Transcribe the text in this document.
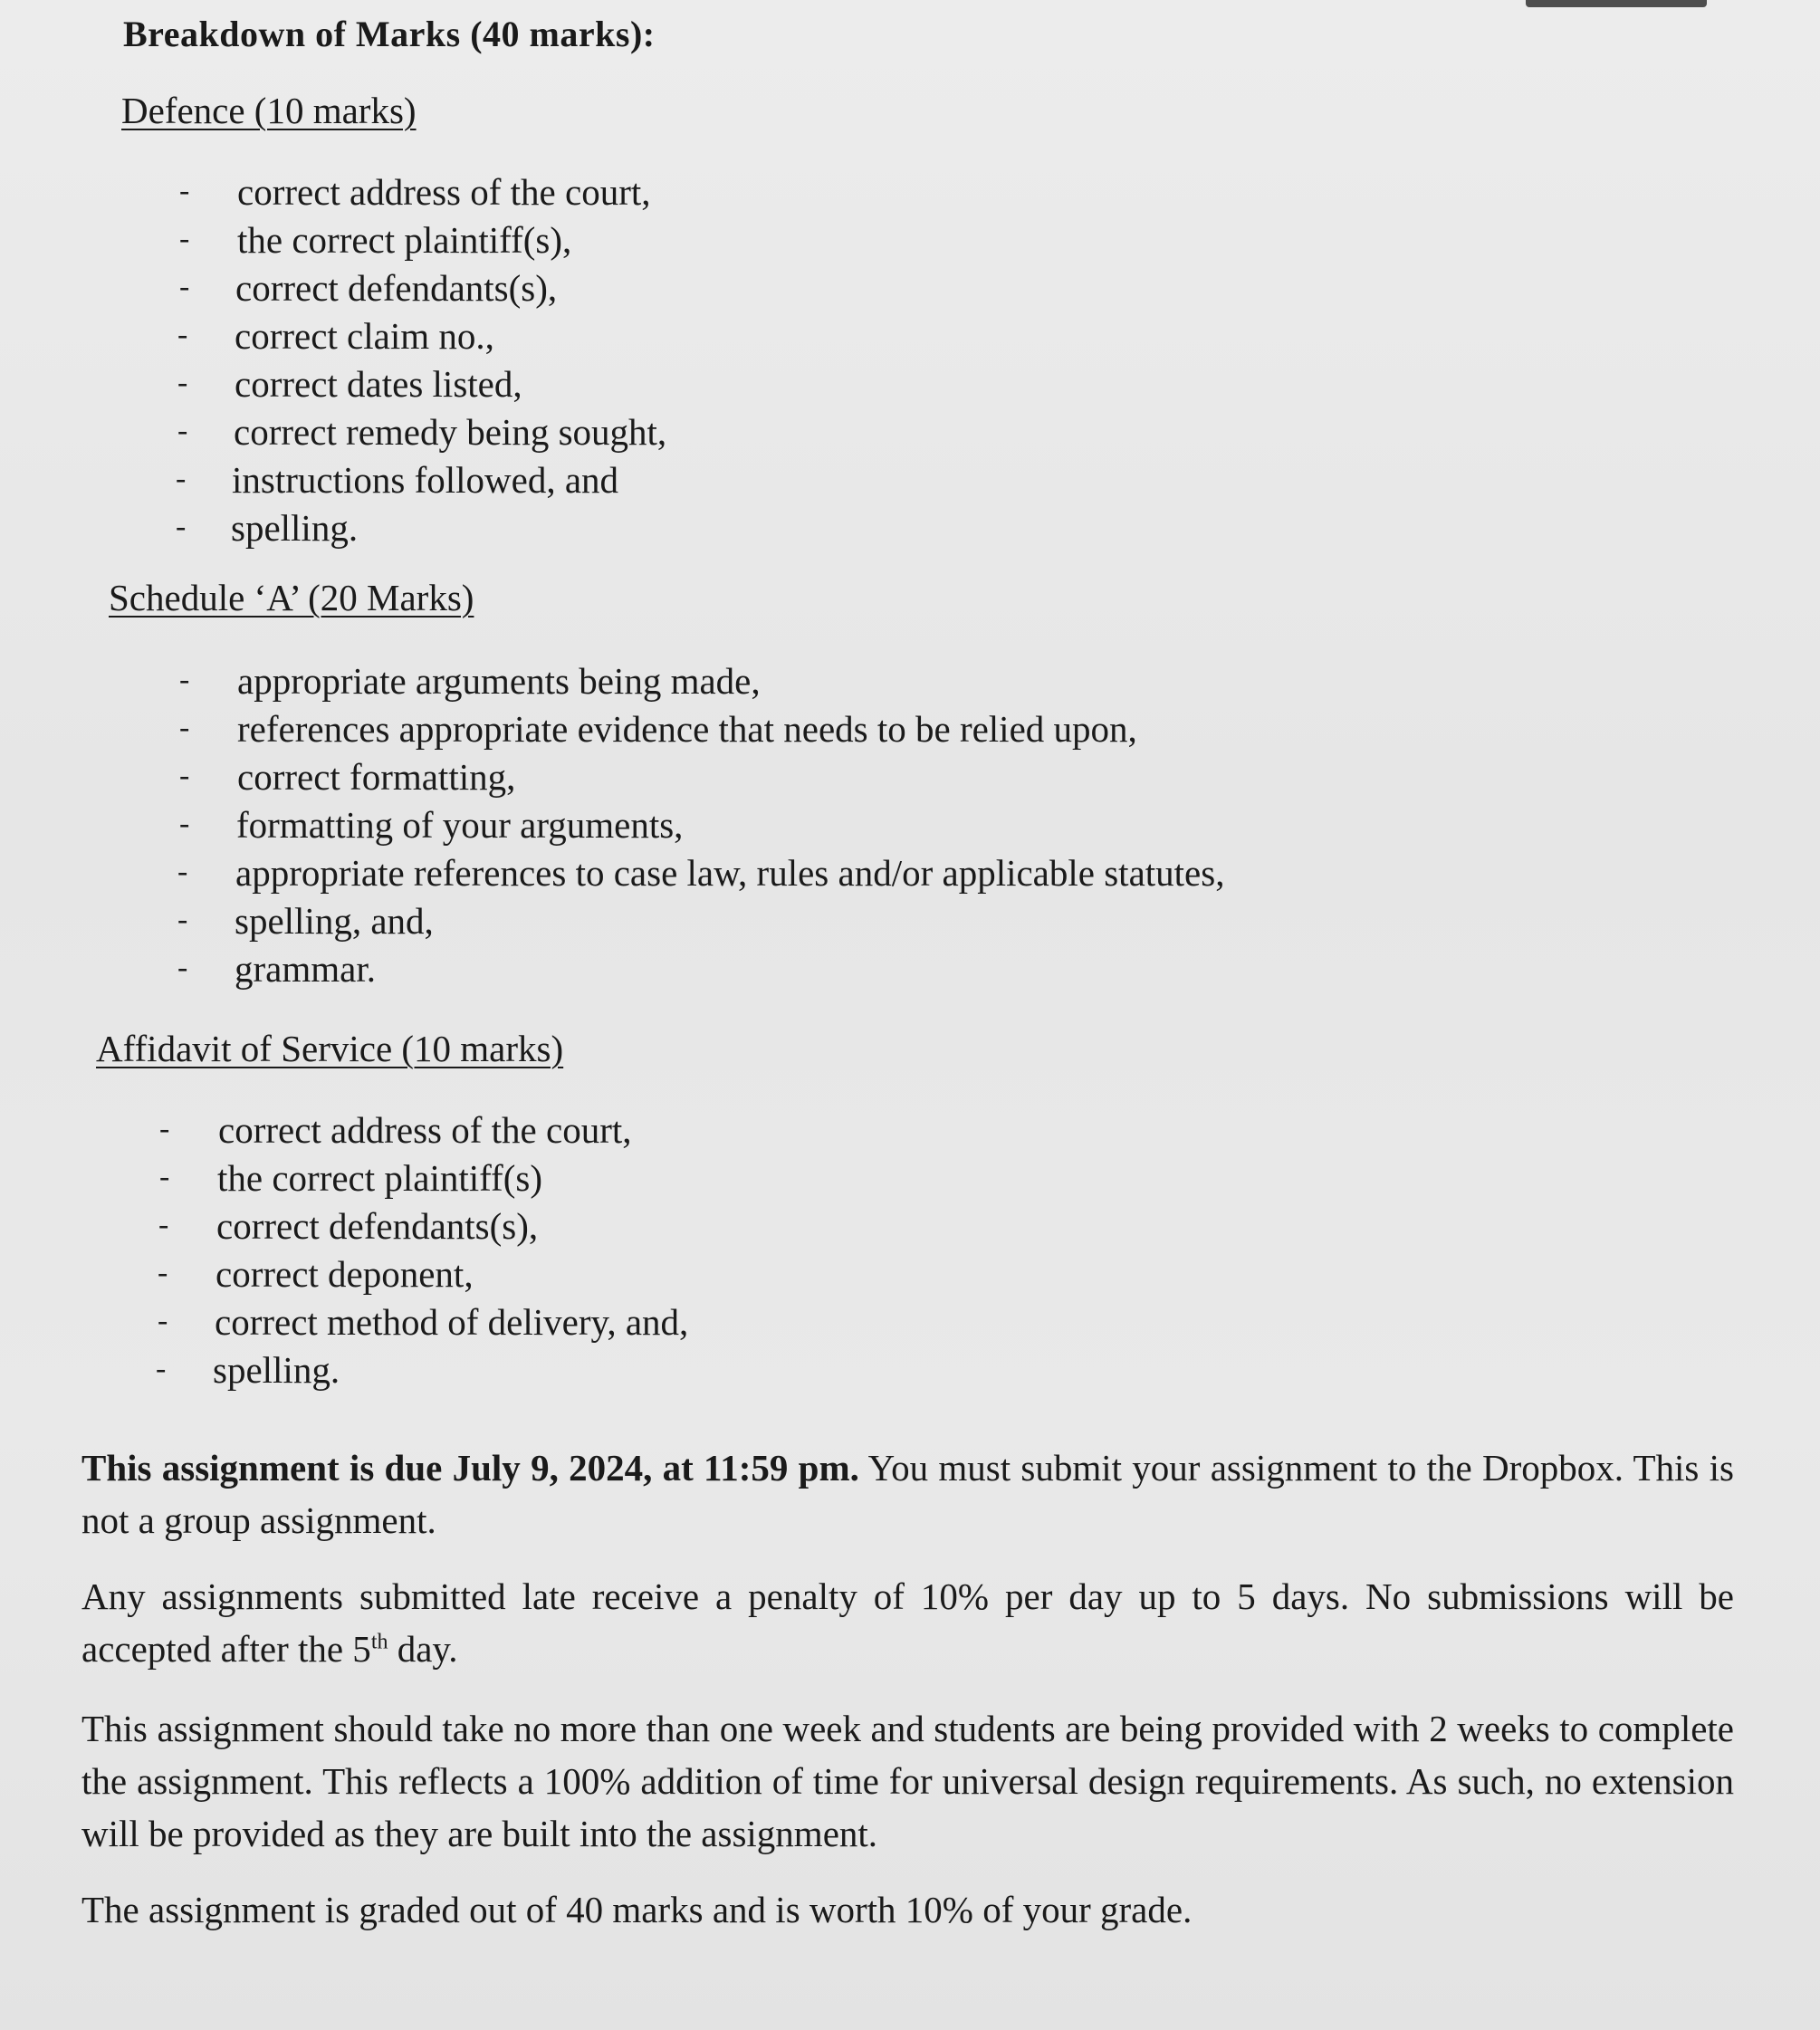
Breakdown of Marks (40 marks):
Defence (10 marks)
- correct address of the court,
- the correct plaintiff(s),
- correct defendants(s),
- correct claim no.,
- correct dates listed,
- correct remedy being sought,
- instructions followed, and
- spelling.
Schedule ‘A’ (20 Marks)
- appropriate arguments being made,
- references appropriate evidence that needs to be relied upon,
- correct formatting,
- formatting of your arguments,
- appropriate references to case law, rules and/or applicable statutes,
- spelling, and,
- grammar.
Affidavit of Service (10 marks)
- correct address of the court,
- the correct plaintiff(s)
- correct defendants(s),
- correct deponent,
- correct method of delivery, and,
- spelling.
This assignment is due July 9, 2024, at 11:59 pm. You must submit your assignment to the Dropbox. This is not a group assignment.
Any assignments submitted late receive a penalty of 10% per day up to 5 days. No submissions will be accepted after the 5th day.
This assignment should take no more than one week and students are being provided with 2 weeks to complete the assignment. This reflects a 100% addition of time for universal design requirements. As such, no extension will be provided as they are built into the assignment.
The assignment is graded out of 40 marks and is worth 10% of your grade.
